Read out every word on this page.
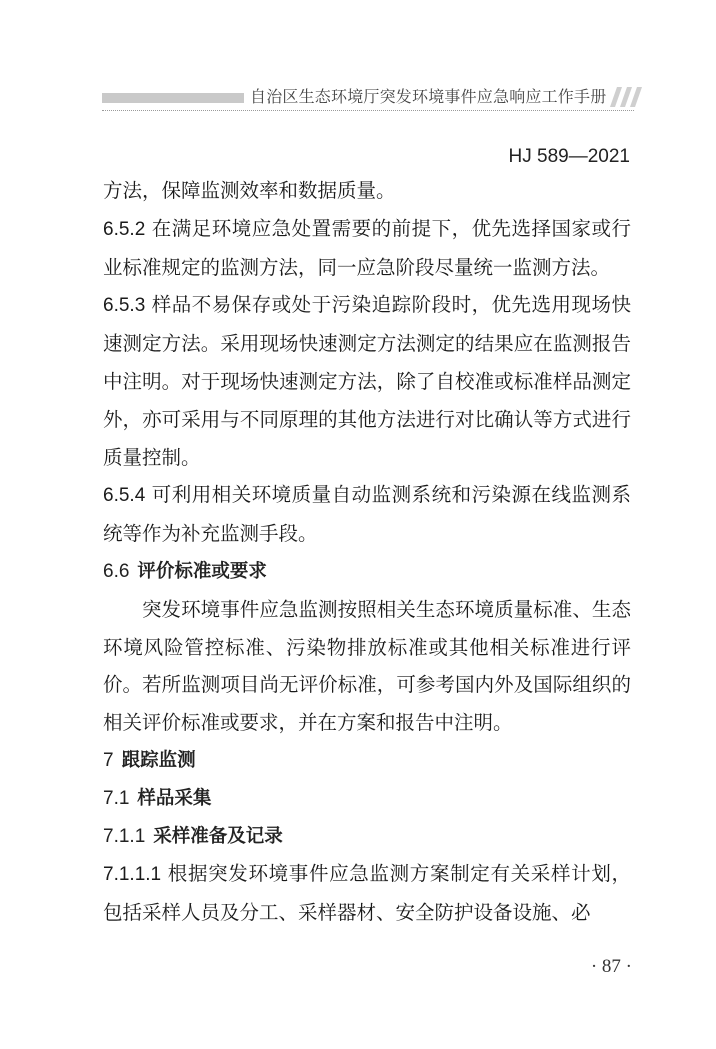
自治区生态环境厅突发环境事件应急响应工作手册
HJ 589—2021

方法，保障监测效率和数据质量。

6.5.2 在满足环境应急处置需要的前提下，优先选择国家或行业标准规定的监测方法，同一应急阶段尽量统一监测方法。

6.5.3 样品不易保存或处于污染追踪阶段时，优先选用现场快速测定方法。采用现场快速测定方法测定的结果应在监测报告中注明。对于现场快速测定方法，除了自校准或标准样品测定外，亦可采用与不同原理的其他方法进行对比确认等方式进行质量控制。

6.5.4 可利用相关环境质量自动监测系统和污染源在线监测系统等作为补充监测手段。

6.6 评价标准或要求

突发环境事件应急监测按照相关生态环境质量标准、生态环境风险管控标准、污染物排放标准或其他相关标准进行评价。若所监测项目尚无评价标准，可参考国内外及国际组织的相关评价标准或要求，并在方案和报告中注明。

7 跟踪监测

7.1 样品采集

7.1.1 采样准备及记录

7.1.1.1 根据突发环境事件应急监测方案制定有关采样计划，包括采样人员及分工、采样器材、安全防护设备设施、必

· 87 ·
